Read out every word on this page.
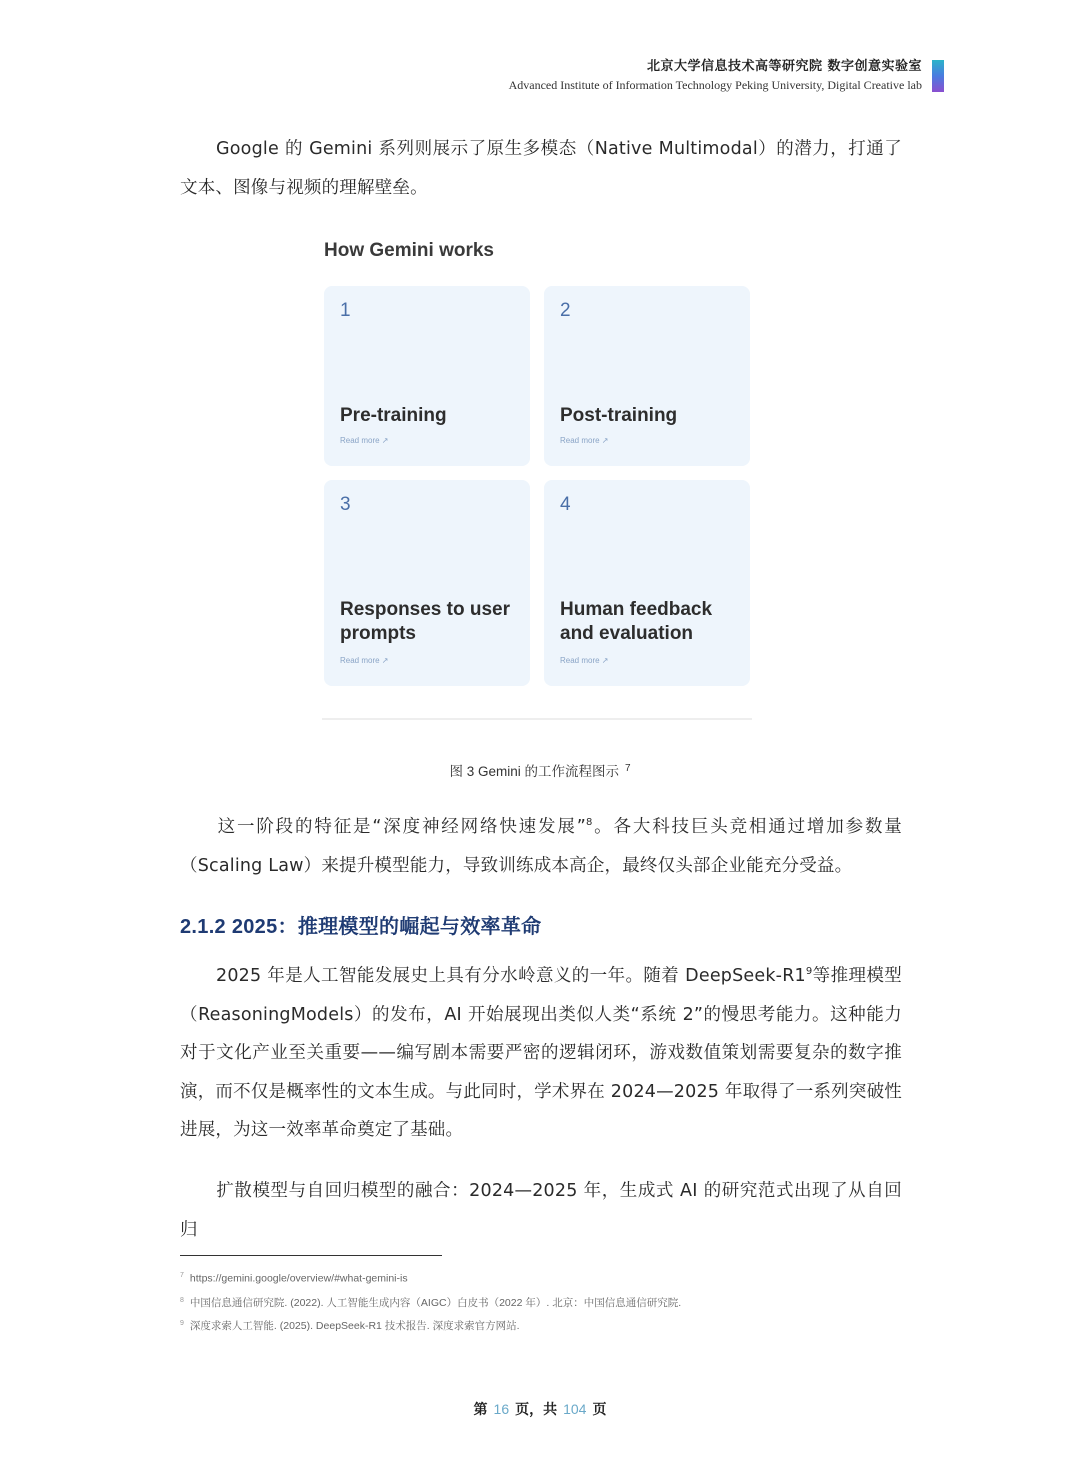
北京大学信息技术高等研究院 数字创意实验室
Advanced Institute of Information Technology Peking University, Digital Creative lab
Google 的 Gemini 系列则展示了原生多模态（Native Multimodal）的潜力，打通了文本、图像与视频的理解壁垒。
How Gemini works
1
Pre-training
Read more ↗
2
Post-training
Read more ↗
3
Responses to user prompts
Read more ↗
4
Human feedback and evaluation
Read more ↗
图 3 Gemini 的工作流程图示 $^7$
这一阶段的特征是“深度神经网络快速发展”$^8$。各大科技巨头竞相通过增加参数量（Scaling Law）来提升模型能力，导致训练成本高企，最终仅头部企业能充分受益。
2.1.2 2025：推理模型的崛起与效率革命
2025 年是人工智能发展史上具有分水岭意义的一年。随着 DeepSeek-$R1^9$等推理模型（ReasoningModels）的发布，AI 开始展现出类似人类“系统 2”的慢思考能力。这种能力对于文化产业至关重要——编写剧本需要严密的逻辑闭环，游戏数值策划需要复杂的数字推演，而不仅是概率性的文本生成。与此同时，学术界在 2024—2025 年取得了一系列突破性进展，为这一效率革命奠定了基础。
扩散模型与自回归模型的融合：2024—2025 年，生成式 AI 的研究范式出现了从自回归
$^7$ https://gemini.google/overview/#what-gemini-is
$^8$ 中国信息通信研究院. (2022). 人工智能生成内容（AIGC）白皮书（2022 年）. 北京：中国信息通信研究院.
$^9$ 深度求索人工智能. (2025). DeepSeek-R1 技术报告. 深度求索官方网站.
第 16 页，共 104 页
